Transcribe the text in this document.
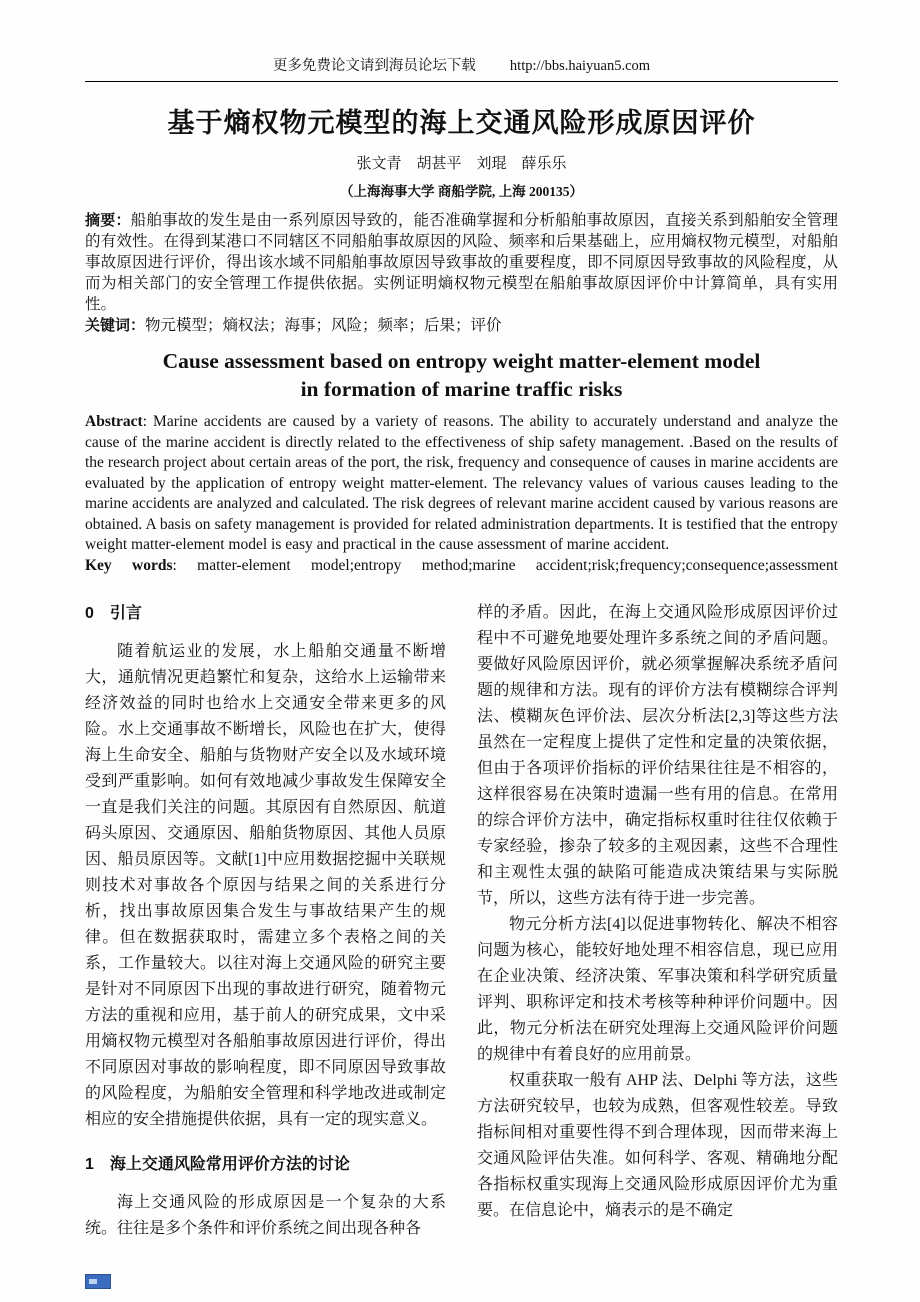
更多免费论文请到海员论坛下载 http://bbs.haiyuan5.com
基于熵权物元模型的海上交通风险形成原因评价
张文青　胡甚平　刘琨　薛乐乐
（上海海事大学 商船学院, 上海 200135）

摘要：船舶事故的发生是由一系列原因导致的，能否准确掌握和分析船舶事故原因，直接关系到船舶安全管理的有效性。在得到某港口不同辖区不同船舶事故原因的风险、频率和后果基础上，应用熵权物元模型，对船舶事故原因进行评价，得出该水域不同船舶事故原因导致事故的重要程度，即不同原因导致事故的风险程度，从而为相关部门的安全管理工作提供依据。实例证明熵权物元模型在船舶事故原因评价中计算简单，具有实用性。

关键词：物元模型；熵权法；海事；风险；频率；后果；评价

Cause assessment based on entropy weight matter-element model
in formation of marine traffic risks

Abstract: Marine accidents are caused by a variety of reasons. The ability to accurately understand and analyze the cause of the marine accident is directly related to the effectiveness of ship safety management. .Based on the results of the research project about certain areas of the port, the risk, frequency and consequence of causes in marine accidents are evaluated by the application of entropy weight matter-element. The relevancy values of various causes leading to the marine accidents are analyzed and calculated. The risk degrees of relevant marine accident caused by various reasons are obtained. A basis on safety management is provided for related administration departments. It is testified that the entropy weight matter-element model is easy and practical in the cause assessment of marine accident.

Key words: matter-element model;entropy method;marine accident;risk;frequency;consequence;assessment

0　引言

随着航运业的发展，水上船舶交通量不断增大，通航情况更趋繁忙和复杂，这给水上运输带来经济效益的同时也给水上交通安全带来更多的风险。水上交通事故不断增长，风险也在扩大，使得海上生命安全、船舶与货物财产安全以及水域环境受到严重影响。如何有效地减少事故发生保障安全一直是我们关注的问题。其原因有自然原因、航道码头原因、交通原因、船舶货物原因、其他人员原因、船员原因等。文献[1]中应用数据挖掘中关联规则技术对事故各个原因与结果之间的关系进行分析，找出事故原因集合发生与事故结果产生的规律。但在数据获取时，需建立多个表格之间的关系，工作量较大。以往对海上交通风险的研究主要是针对不同原因下出现的事故进行研究，随着物元方法的重视和应用，基于前人的研究成果，文中采用熵权物元模型对各船舶事故原因进行评价，得出不同原因对事故的影响程度，即不同原因导致事故的风险程度，为船舶安全管理和科学地改进或制定相应的安全措施提供依据，具有一定的现实意义。

1　海上交通风险常用评价方法的讨论

海上交通风险的形成原因是一个复杂的大系统。往往是多个条件和评价系统之间出现各种各

样的矛盾。因此，在海上交通风险形成原因评价过程中不可避免地要处理许多系统之间的矛盾问题。要做好风险原因评价，就必须掌握解决系统矛盾问题的规律和方法。现有的评价方法有模糊综合评判法、模糊灰色评价法、层次分析法[2,3]等这些方法虽然在一定程度上提供了定性和定量的决策依据，但由于各项评价指标的评价结果往往是不相容的，这样很容易在决策时遗漏一些有用的信息。在常用的综合评价方法中，确定指标权重时往往仅依赖于专家经验，掺杂了较多的主观因素，这些不合理性和主观性太强的缺陷可能造成决策结果与实际脱节，所以，这些方法有待于进一步完善。

物元分析方法[4]以促进事物转化、解决不相容问题为核心，能较好地处理不相容信息，现已应用在企业决策、经济决策、军事决策和科学研究质量评判、职称评定和技术考核等种种评价问题中。因此，物元分析法在研究处理海上交通风险评价问题的规律中有着良好的应用前景。

权重获取一般有 AHP 法、Delphi 等方法，这些方法研究较早，也较为成熟，但客观性较差。导致指标间相对重要性得不到合理体现，因而带来海上交通风险评估失准。如何科学、客观、精确地分配各指标权重实现海上交通风险形成原因评价尤为重要。在信息论中，熵表示的是不确定
